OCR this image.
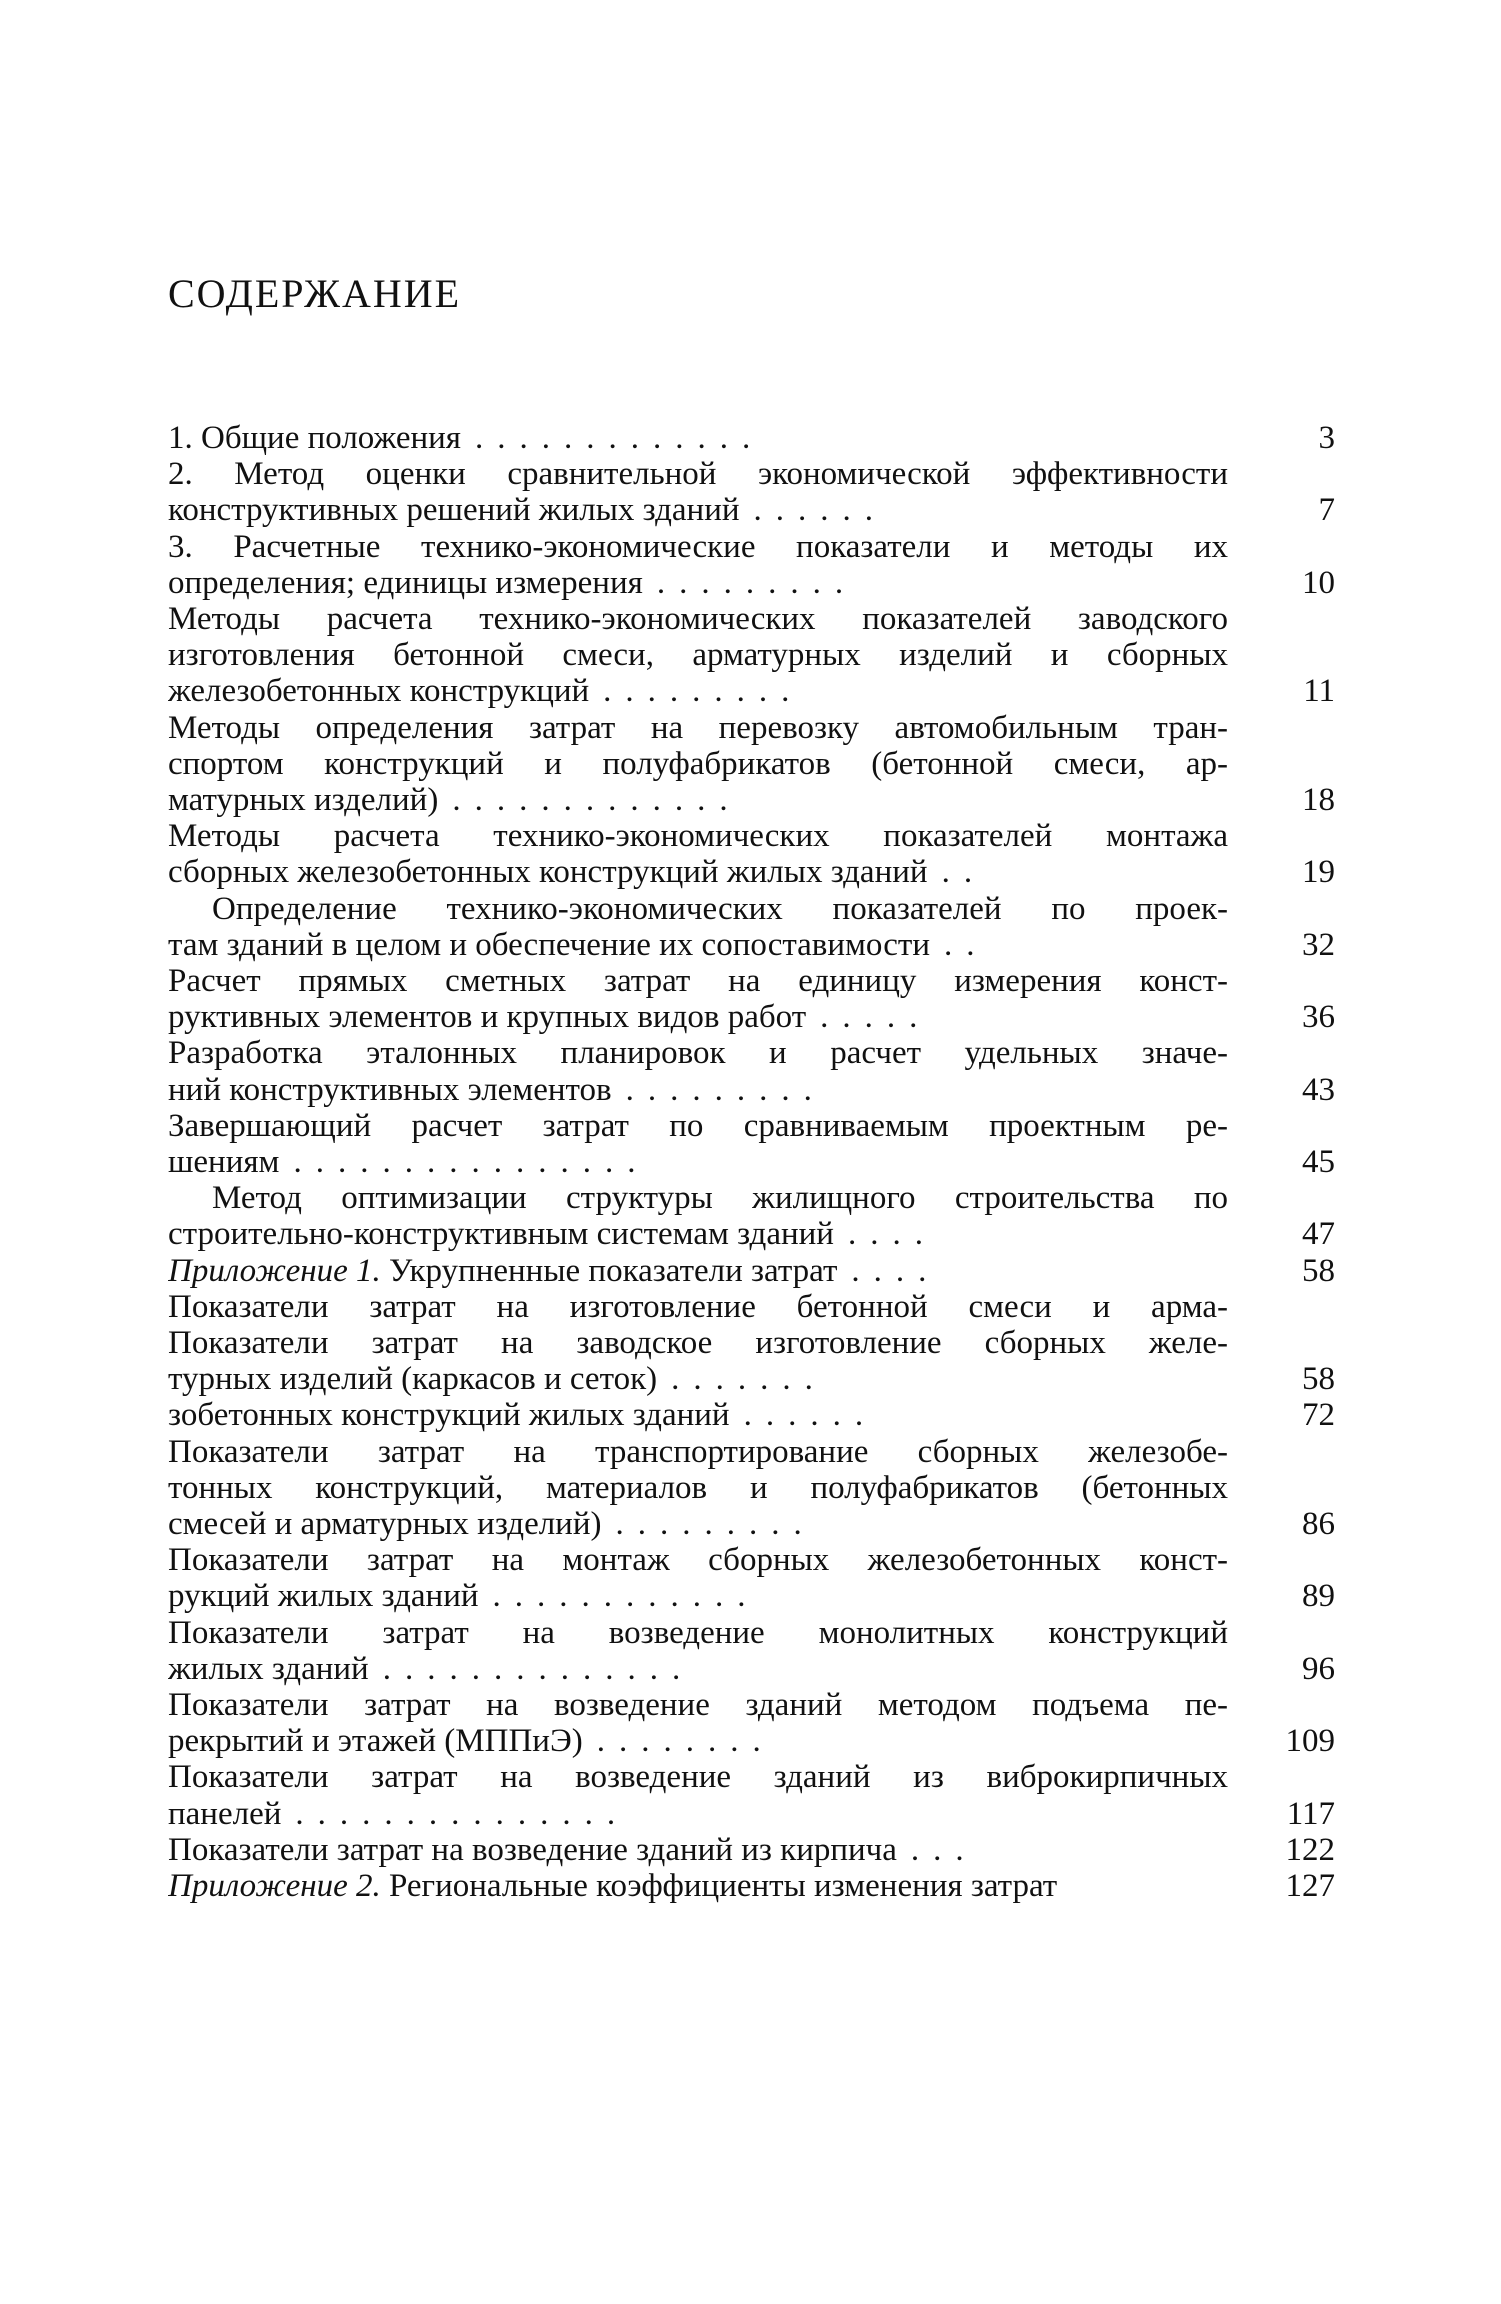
СОДЕРЖАНИЕ
3
1. Общие положения .............
2. Метод оценки сравнительной экономической эффективности
7
конструктивных решений жилых зданий ......
3. Расчетные технико-экономические показатели и методы их
10
определения; единицы измерения .........
Методы расчета технико-экономических показателей заводского
изготовления бетонной смеси, арматурных изделий и сборных
11
железобетонных конструкций .........
Методы определения затрат на перевозку автомобильным тран-
спортом конструкций и полуфабрикатов (бетонной смеси, ар-
18
матурных изделий) .............
Методы расчета технико-экономических показателей монтажа
19
сборных железобетонных конструкций жилых зданий ..
Определение технико-экономических показателей по проек-
32
там зданий в целом и обеспечение их сопоставимости ..
Расчет прямых сметных затрат на единицу измерения конст-
36
руктивных элементов и крупных видов работ .....
Разработка эталонных планировок и расчет удельных значе-
43
ний конструктивных элементов .........
Завершающий расчет затрат по сравниваемым проектным ре-
45
шениям ................
Метод оптимизации структуры жилищного строительства по
47
строительно-конструктивным системам зданий ....
58
Приложение 1. Укрупненные показатели затрат ....
Показатели затрат на изготовление бетонной смеси и арма-
Показатели затрат на заводское изготовление сборных желе-
58
турных изделий (каркасов и сеток) .......
72
зобетонных конструкций жилых зданий ......
Показатели затрат на транспортирование сборных железобе-
тонных конструкций, материалов и полуфабрикатов (бетонных
86
смесей и арматурных изделий) .........
Показатели затрат на монтаж сборных железобетонных конст-
89
рукций жилых зданий ............
Показатели затрат на возведение монолитных конструкций
96
жилых зданий ..............
Показатели затрат на возведение зданий методом подъема пе-
109
рекрытий и этажей (МППиЭ) ........
Показатели затрат на возведение зданий из виброкирпичных
117
панелей ...............
122
Показатели затрат на возведение зданий из кирпича ...
127
Приложение 2. Региональные коэффициенты изменения затрат
